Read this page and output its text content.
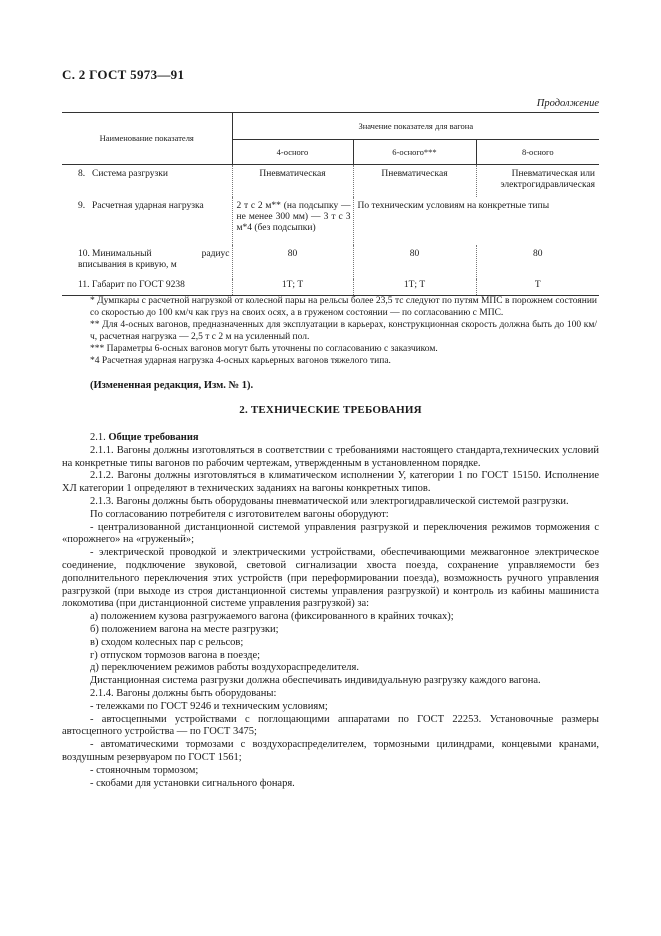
С. 2 ГОСТ 5973—91
Продолжение
Наименование показателя	Значение показателя для вагона		
	4-осного	6-осного***	8-осного
8. Система разгрузки	Пневматическая	Пневматическая	Пневматическая или электрогидравлическая
9. Расчетная ударная нагрузка	2 т с 2 м** (на подсыпку — не менее 300 мм) — 3 т с 3 м*4 (без подсыпки)	По техническим условиям на конкретные типы	
10. Минимальный радиус вписывания в кривую, м	80	80	80
11. Габарит по ГОСТ 9238	1Т; Т	1Т; Т	Т

* Думпкары с расчетной нагрузкой от колесной пары на рельсы более 23,5 тс следуют по путям МПС в порожнем состоянии со скоростью до 100 км/ч как груз на своих осях, а в груженом состоянии — по согласованию с МПС.

** Для 4-осных вагонов, предназначенных для эксплуатации в карьерах, конструкционная скорость должна быть до 100 км/ч, расчетная нагрузка — 2,5 т с 2 м на усиленный пол.

*** Параметры 6-осных вагонов могут быть уточнены по согласованию с заказчиком.

*4 Расчетная ударная нагрузка 4-осных карьерных вагонов тяжелого типа.

(Измененная редакция, Изм. № 1).
2. ТЕХНИЧЕСКИЕ ТРЕБОВАНИЯ

2.1. Общие требования

2.1.1. Вагоны должны изготовляться в соответствии с требованиями настоящего стандарта,технических условий на конкретные типы вагонов по рабочим чертежам, утвержденным в установленном порядке.

2.1.2. Вагоны должны изготовляться в климатическом исполнении У, категории 1 по ГОСТ 15150. Исполнение ХЛ категории 1 определяют в технических заданиях на вагоны конкретных типов.

2.1.3. Вагоны должны быть оборудованы пневматической или электрогидравлической системой разгрузки.

По согласованию потребителя с изготовителем вагоны оборудуют:

- централизованной дистанционной системой управления разгрузкой и переключения режимов торможения с «порожнего» на «груженый»;

- электрической проводкой и электрическими устройствами, обеспечивающими межвагонное электрическое соединение, подключение звуковой, световой сигнализации хвоста поезда, сохранение управляемости без дополнительного переключения этих устройств (при переформировании поезда), возможность ручного управления разгрузкой (при выходе из строя дистанционной системы управления разгрузкой) и контроль из кабины машиниста локомотива (при дистанционной системе управления разгрузкой) за:

а) положением кузова разгружаемого вагона (фиксированного в крайних точках);

б) положением вагона на месте разгрузки;

в) сходом колесных пар с рельсов;

г) отпуском тормозов вагона в поезде;

д) переключением режимов работы воздухораспределителя.

Дистанционная система разгрузки должна обеспечивать индивидуальную разгрузку каждого вагона.

2.1.4. Вагоны должны быть оборудованы:

- тележками по ГОСТ 9246 и техническим условиям;

- автосцепными устройствами с поглощающими аппаратами по ГОСТ 22253. Установочные размеры автосцепного устройства — по ГОСТ 3475;

- автоматическими тормозами с воздухораспределителем, тормозными цилиндрами, концевыми кранами, воздушным резервуаром по ГОСТ 1561;

- стояночным тормозом;

- скобами для установки сигнального фонаря.
